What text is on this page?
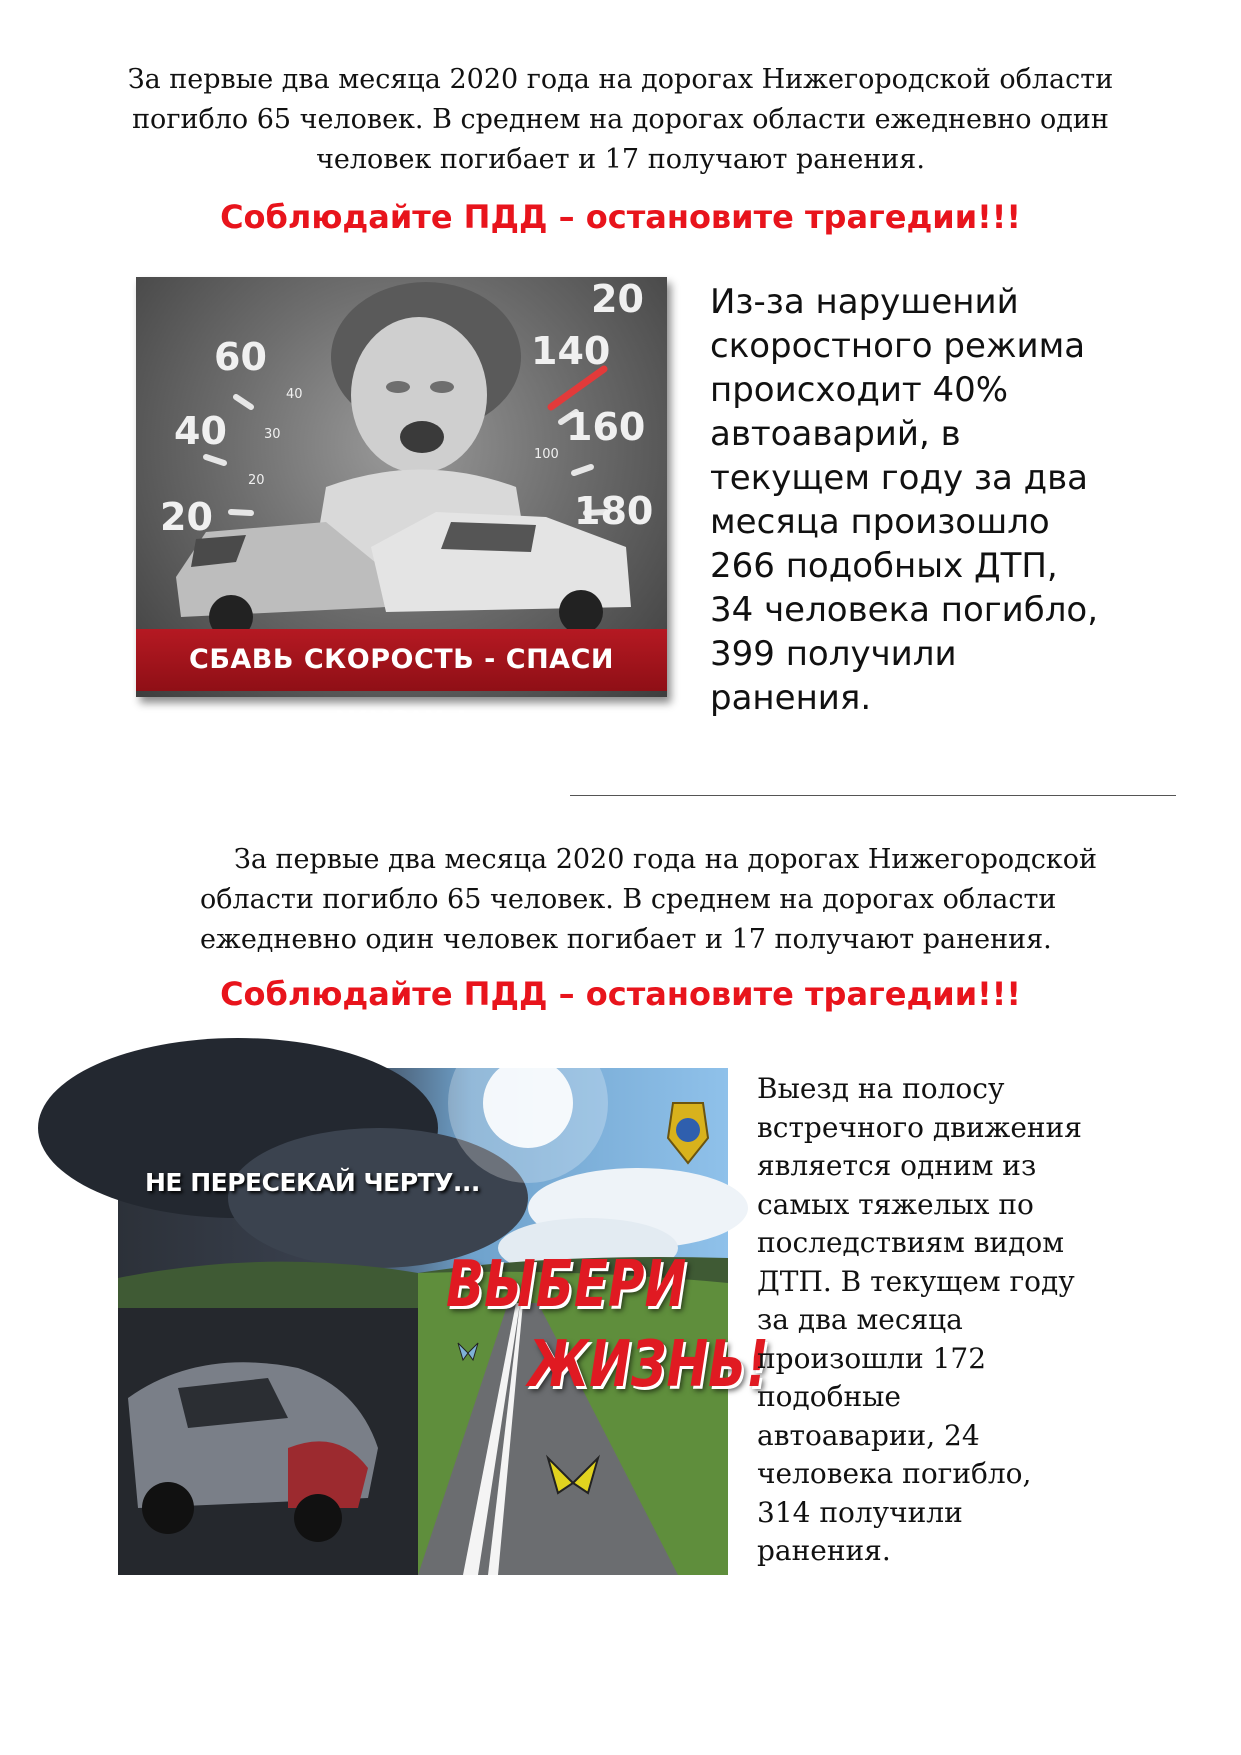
За первые два месяца 2020 года на дорогах Нижегородской области
погибло 65 человек. В среднем на дорогах области ежедневно один
человек погибает и 17 получают ранения.
Соблюдайте ПДД – остановите трагедии!!!
60
40
20
140
160
180
20
40
30
20
100
СБАВЬ СКОРОСТЬ - СПАСИ ЖИЗНЬ!
Из-за нарушений
скоростного режима
происходит 40%
автоаварий, в
текущем году за два
месяца произошло
266 подобных ДТП,
34 человека погибло,
399 получили
ранения.
За первые два месяца 2020 года на дорогах Нижегородской
области погибло 65 человек. В среднем на дорогах области
ежедневно один человек погибает и 17 получают ранения.
Соблюдайте ПДД – остановите трагедии!!!
НЕ ПЕРЕСЕКАЙ ЧЕРТУ...
ВЫБЕРИ
ЖИЗНЬ!
Выезд на полосу
встречного движения
является одним из
самых тяжелых по
последствиям видом
ДТП. В текущем году
за два месяца
произошли 172
подобные
автоаварии, 24
человека погибло,
314 получили
ранения.
